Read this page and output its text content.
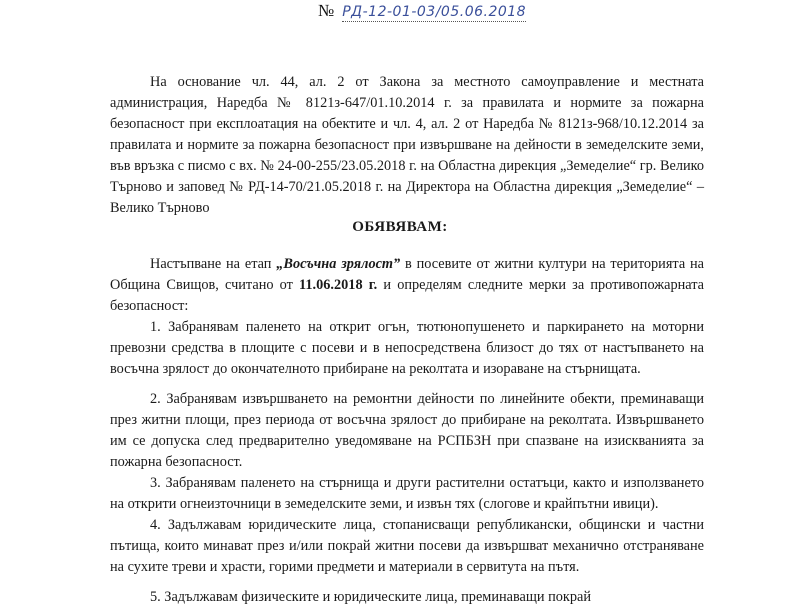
№ РД-12-01-03/05.06.2018
На основание чл. 44, ал. 2 от Закона за местното самоуправление и местната администрация, Наредба № 8121з-647/01.10.2014 г. за правилата и нормите за пожарна безопасност при експлоатация на обектите и чл. 4, ал. 2 от Наредба № 8121з-968/10.12.2014 за правилата и нормите за пожарна безопасност при извършване на дейности в земеделските земи, във връзка с писмо с вх. № 24-00-255/23.05.2018 г. на Областна дирекция „Земеделие“ гр. Велико Търново и заповед № РД-14-70/21.05.2018 г. на Директора на Областна дирекция „Земеделие“ – Велико Търново
ОБЯВЯВАМ:

Настъпване на етап „Восъчна зрялост” в посевите от житни култури на територията на Община Свищов, считано от 11.06.2018 г. и определям следните мерки за противопожарната безопасност:

1. Забранявам паленето на открит огън, тютюнопушенето и паркирането на моторни превозни средства в площите с посеви и в непосредствена близост до тях от настъпването на восъчна зрялост до окончателното прибиране на реколтата и изораване на стърнищата.

2. Забранявам извършването на ремонтни дейности по линейните обекти, преминаващи през житни площи, през периода от восъчна зрялост до прибиране на реколтата. Извършването им се допуска след предварително уведомяване на РСПБЗН при спазване на изискванията за пожарна безопасност.

3. Забранявам паленето на стърнища и други растителни остатъци, както и използването на открити огнеизточници в земеделските земи, и извън тях (слогове и крайпътни ивици).

4. Задължавам юридическите лица, стопанисващи републикански, общински и частни пътища, които минават през и/или покрай житни посеви да извършват механично отстраняване на сухите треви и храсти, горими предмети и материали в сервитута на пътя.

5. Задължавам физическите и юридическите лица, преминаващи покрай
